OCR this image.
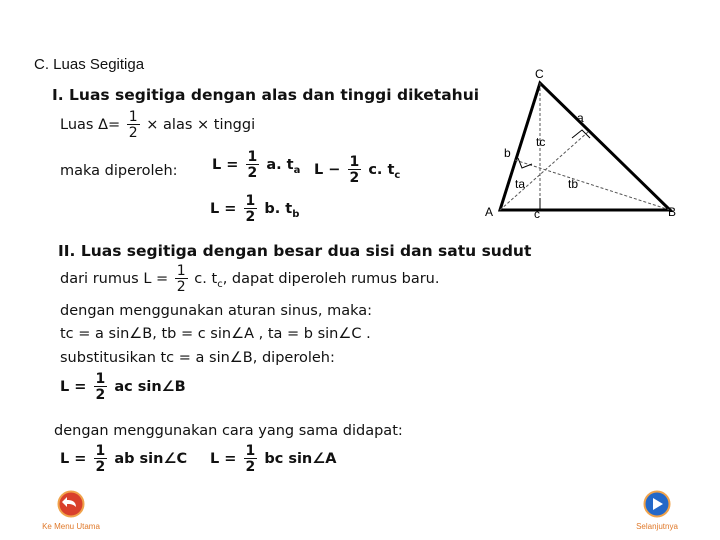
C. Luas Segitiga
I. Luas segitiga dengan alas dan tinggi diketahui
Luas $\Delta= \frac{1}{2}$ × alas × tinggi
maka diperoleh: $L = \frac{1}{2} a$. $t_a$ $L - \frac{1}{2} c$. $t_c$
$L = \frac{1}{2} b$. $t_b$
C
A	B
a
b
c
tc
ta	tb
II. Luas segitiga dengan besar dua sisi dan satu sudut
dari rumus $L = \frac{1}{2} c$. $t_c$, dapat diperoleh rumus baru.
dengan menggunakan aturan sinus, maka:
tc = a sin∠B, tb = c sin∠A , ta = b sin∠C .
substitusikan tc = a sin∠B, diperoleh:
$L = \frac{1}{2}$ ac sin∠B
dengan menggunakan cara yang sama didapat:
$L = \frac{1}{2}$ ab sin∠C $L = \frac{1}{2}$ bc sin∠A
Ke Menu Utama	Selanjutnya
